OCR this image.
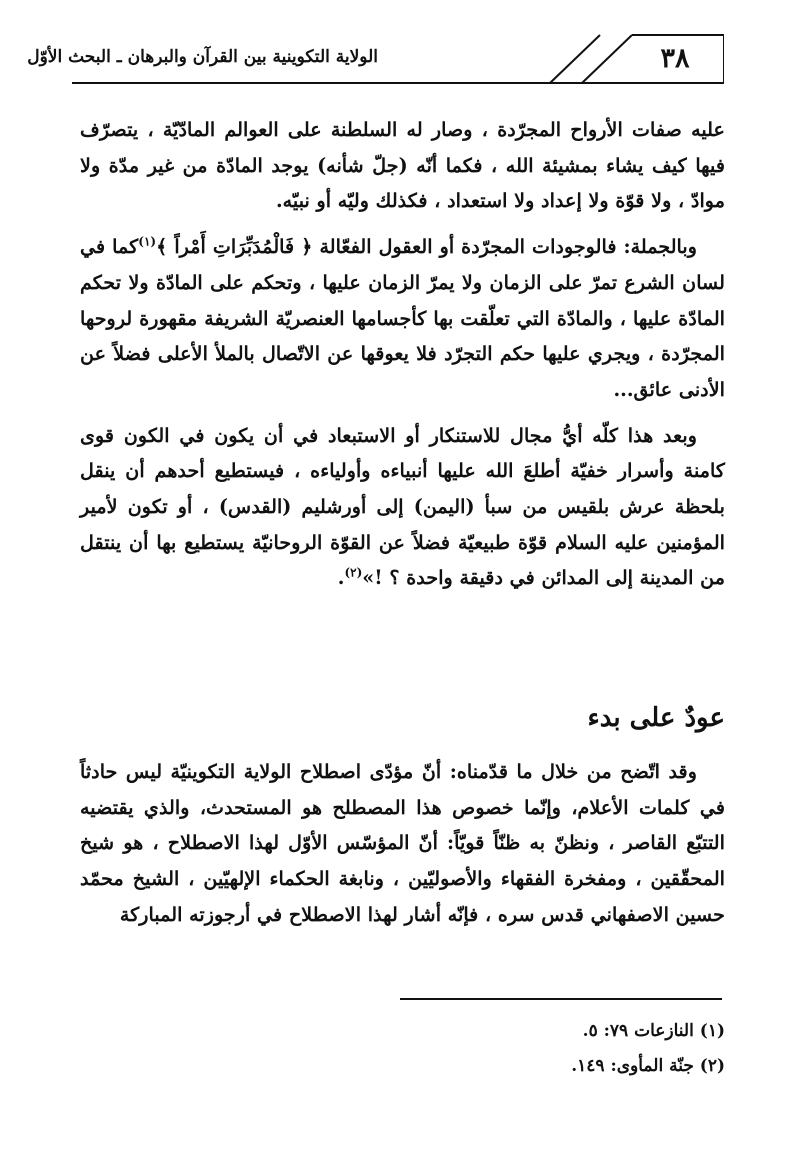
٣٨
الولاية التكوينية بين القرآن والبرهان ـ البحث الأوّل

عليه صفات الأرواح المجرّدة ، وصار له السلطنة على العوالم المادّيّة ، يتصرّف فيها كيف يشاء بمشيئة الله ، فكما أنّه (جلّ شأنه) يوجد المادّة من غير مدّة ولا موادّ ، ولا قوّة ولا إعداد ولا استعداد ، فكذلك وليّه أو نبيّه.

وبالجملة: فالوجودات المجرّدة أو العقول الفعّالة ﴿ فَالْمُدَبِّرَاتِ أَمْراً ﴾$^{(١)}$كما في لسان الشرع تمرّ على الزمان ولا يمرّ الزمان عليها ، وتحكم على المادّة ولا تحكم المادّة عليها ، والمادّة التي تعلّقت بها كأجسامها العنصريّة الشريفة مقهورة لروحها المجرّدة ، ويجري عليها حكم التجرّد فلا يعوقها عن الاتّصال بالملأ الأعلى فضلاً عن الأدنى عائق...

وبعد هذا كلّه أيُّ مجال للاستنكار أو الاستبعاد في أن يكون في الكون قوى كامنة وأسرار خفيّة أطلعَ الله عليها أنبياءه وأولياءه ، فيستطيع أحدهم أن ينقل بلحظة عرش بلقيس من سبأ (اليمن) إلى أورشليم (القدس) ، أو تكون لأمير المؤمنين عليه السلام قوّة طبيعيّة فضلاً عن القوّة الروحانيّة يستطيع بها أن ينتقل من المدينة إلى المدائن في دقيقة واحدة ؟ !»$^{(٢)}$.

عودٌ على بدء

وقد اتّضح من خلال ما قدّمناه: أنّ مؤدّى اصطلاح الولاية التكوينيّة ليس حادثاً في كلمات الأعلام، وإنّما خصوص هذا المصطلح هو المستحدث، والذي يقتضيه التتبّع القاصر ، ونظنّ به ظنّاً قويّاً: أنّ المؤسّس الأوّل لهذا الاصطلاح ، هو شيخ المحقّقين ، ومفخرة الفقهاء والأصوليّين ، ونابغة الحكماء الإلهيّين ، الشيخ محمّد حسين الاصفهاني قدس سره ، فإنّه أشار لهذا الاصطلاح في أرجوزته المباركة

(١) النازعات ٧٩: ٥.
(٢) جنّة المأوى: ١٤٩.
